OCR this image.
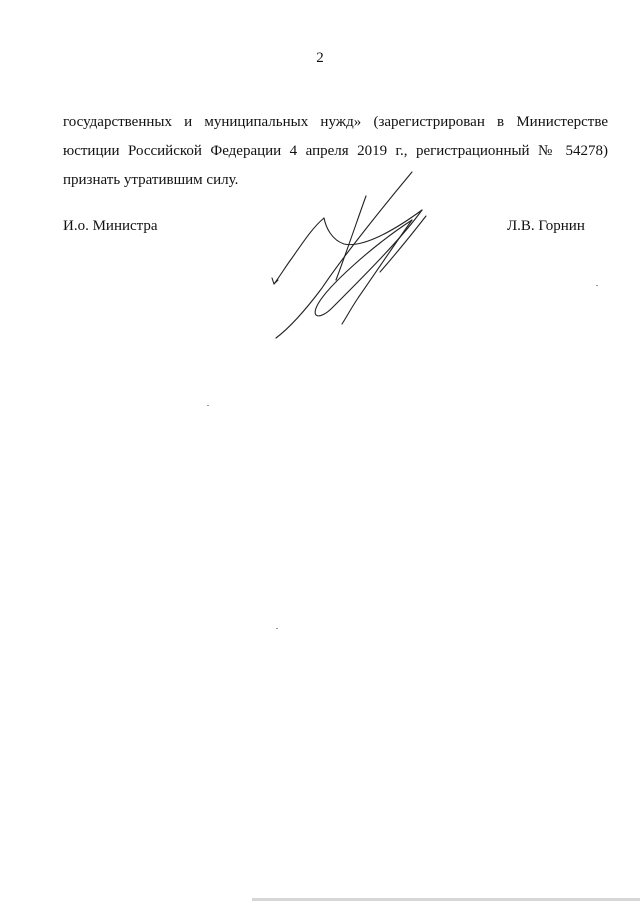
2
государственных и муниципальных нужд» (зарегистрирован в Министерстве
юстиции Российской Федерации 4 апреля 2019 г., регистрационный № 54278)
признать утратившим силу.
И.о. Министра	Л.В. Горнин
